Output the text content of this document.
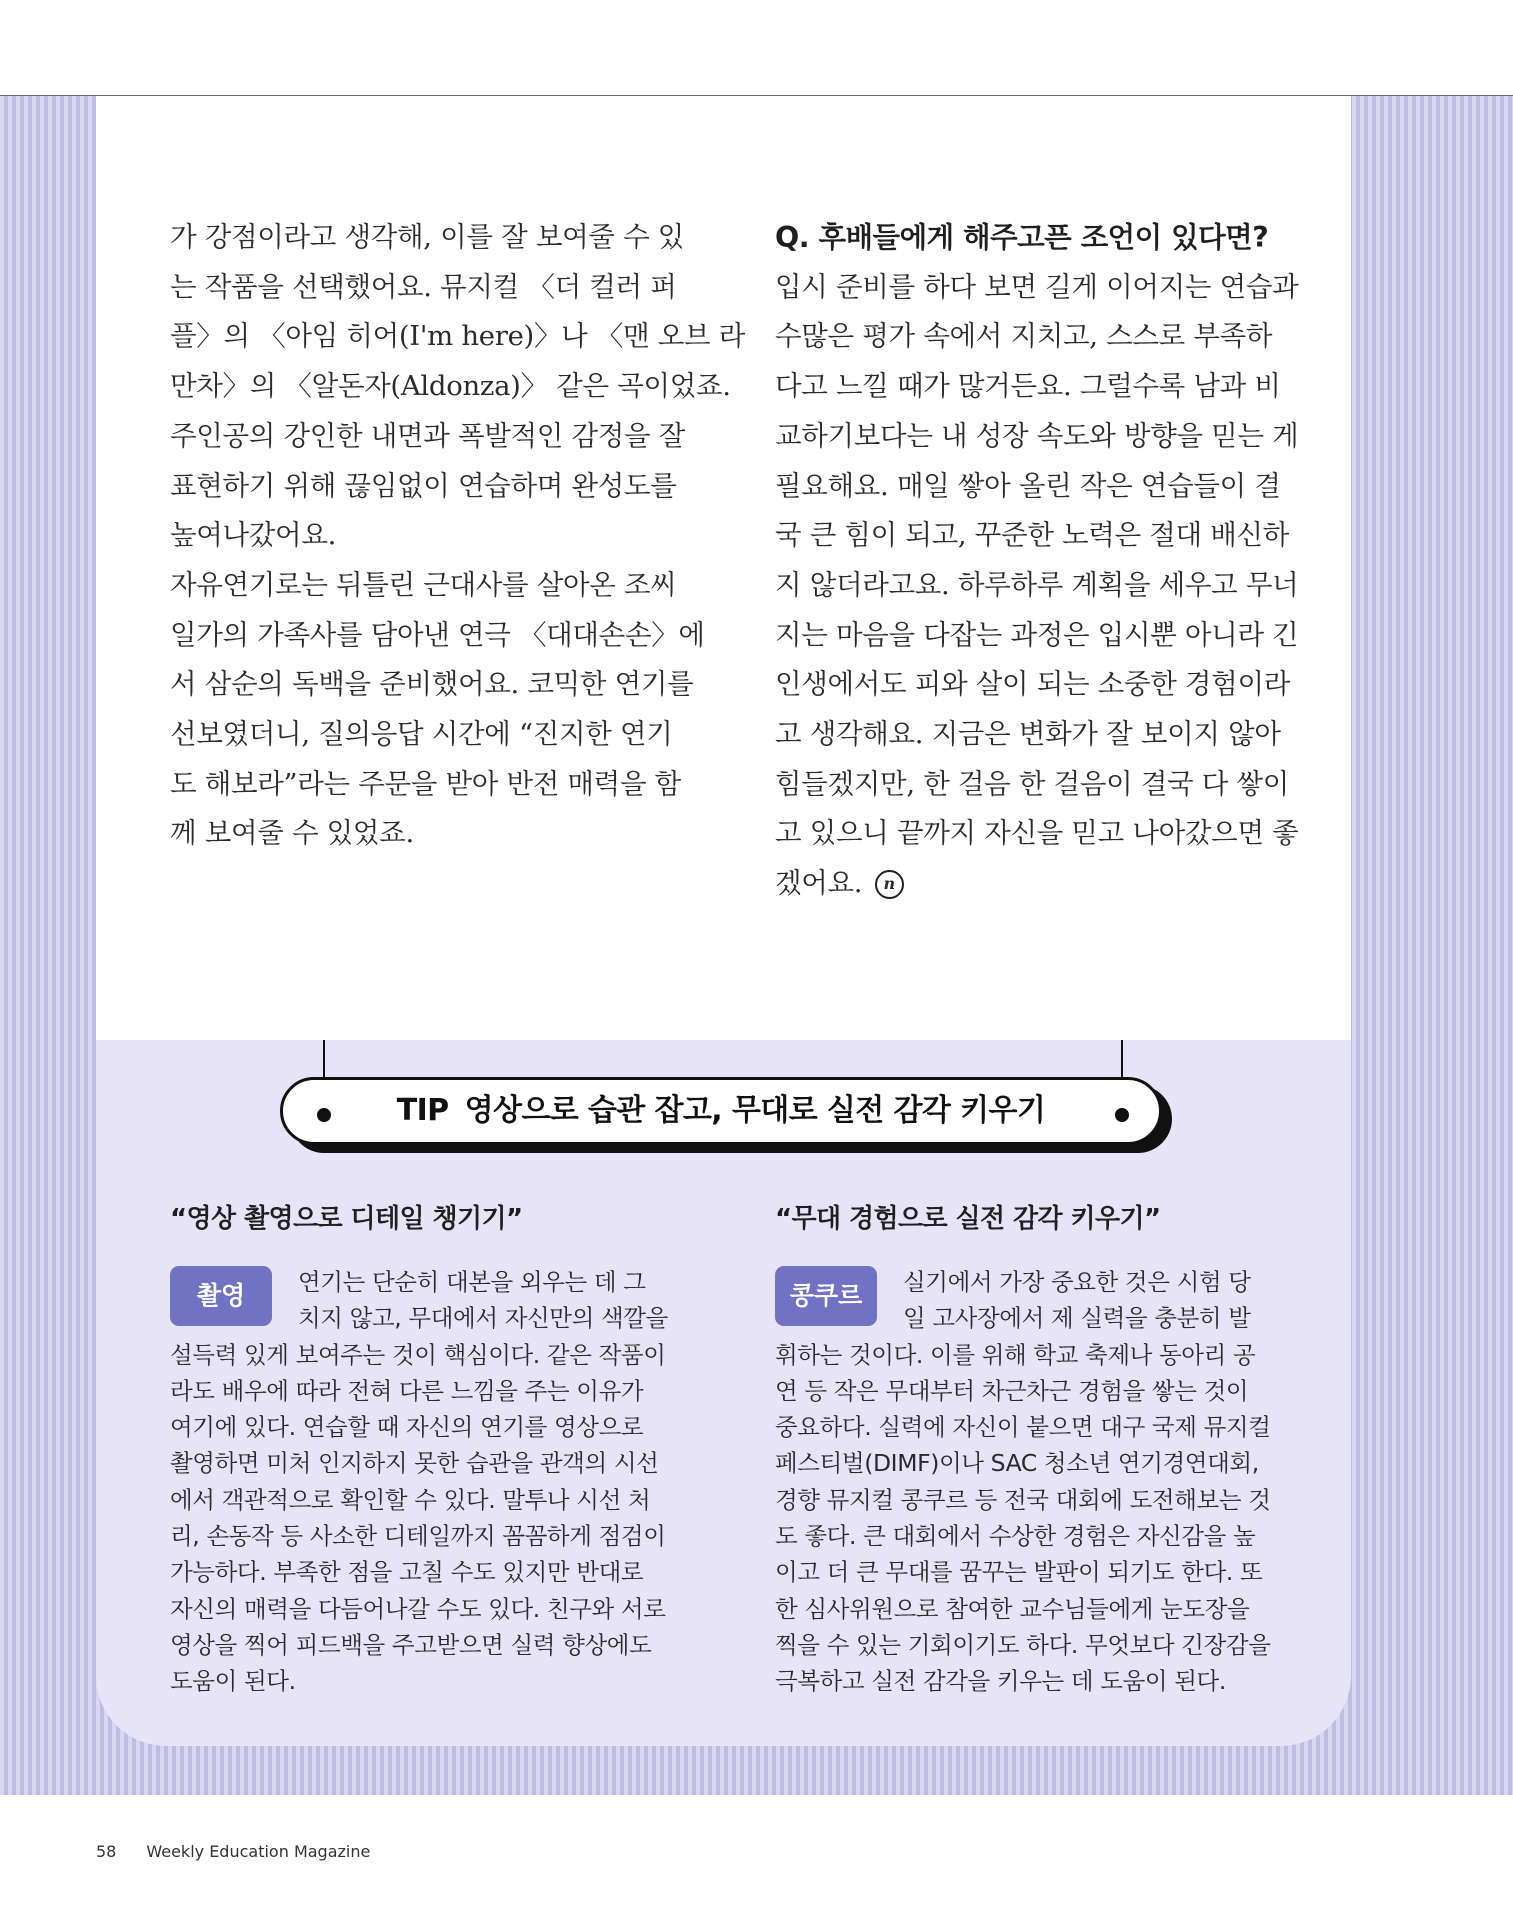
가 강점이라고 생각해, 이를 잘 보여줄 수 있
는 작품을 선택했어요. 뮤지컬 〈더 컬러 퍼
플〉의 〈아임 히어(I'm here)〉나 〈맨 오브 라
만차〉의 〈알돈자(Aldonza)〉 같은 곡이었죠.
주인공의 강인한 내면과 폭발적인 감정을 잘
표현하기 위해 끊임없이 연습하며 완성도를
높여나갔어요.
자유연기로는 뒤틀린 근대사를 살아온 조씨
일가의 가족사를 담아낸 연극 〈대대손손〉에
서 삼순의 독백을 준비했어요. 코믹한 연기를
선보였더니, 질의응답 시간에 “진지한 연기
도 해보라”라는 주문을 받아 반전 매력을 함
께 보여줄 수 있었죠.
Q. 후배들에게 해주고픈 조언이 있다면?
입시 준비를 하다 보면 길게 이어지는 연습과
수많은 평가 속에서 지치고, 스스로 부족하
다고 느낄 때가 많거든요. 그럴수록 남과 비
교하기보다는 내 성장 속도와 방향을 믿는 게
필요해요. 매일 쌓아 올린 작은 연습들이 결
국 큰 힘이 되고, 꾸준한 노력은 절대 배신하
지 않더라고요. 하루하루 계획을 세우고 무너
지는 마음을 다잡는 과정은 입시뿐 아니라 긴
인생에서도 피와 살이 되는 소중한 경험이라
고 생각해요. 지금은 변화가 잘 보이지 않아
힘들겠지만, 한 걸음 한 걸음이 결국 다 쌓이
고 있으니 끝까지 자신을 믿고 나아갔으면 좋
겠어요. n
TIP 영상으로 습관 잡고, 무대로 실전 감각 키우기
“영상 촬영으로 디테일 챙기기”
촬영	연기는 단순히 대본을 외우는 데 그
치지 않고, 무대에서 자신만의 색깔을
설득력 있게 보여주는 것이 핵심이다. 같은 작품이
라도 배우에 따라 전혀 다른 느낌을 주는 이유가
여기에 있다. 연습할 때 자신의 연기를 영상으로
촬영하면 미처 인지하지 못한 습관을 관객의 시선
에서 객관적으로 확인할 수 있다. 말투나 시선 처
리, 손동작 등 사소한 디테일까지 꼼꼼하게 점검이
가능하다. 부족한 점을 고칠 수도 있지만 반대로
자신의 매력을 다듬어나갈 수도 있다. 친구와 서로
영상을 찍어 피드백을 주고받으면 실력 향상에도
도움이 된다.
“무대 경험으로 실전 감각 키우기”
콩쿠르	실기에서 가장 중요한 것은 시험 당
일 고사장에서 제 실력을 충분히 발
휘하는 것이다. 이를 위해 학교 축제나 동아리 공
연 등 작은 무대부터 차근차근 경험을 쌓는 것이
중요하다. 실력에 자신이 붙으면 대구 국제 뮤지컬
페스티벌(DIMF)이나 SAC 청소년 연기경연대회,
경향 뮤지컬 콩쿠르 등 전국 대회에 도전해보는 것
도 좋다. 큰 대회에서 수상한 경험은 자신감을 높
이고 더 큰 무대를 꿈꾸는 발판이 되기도 한다. 또
한 심사위원으로 참여한 교수님들에게 눈도장을
찍을 수 있는 기회이기도 하다. 무엇보다 긴장감을
극복하고 실전 감각을 키우는 데 도움이 된다.
58 Weekly Education Magazine
